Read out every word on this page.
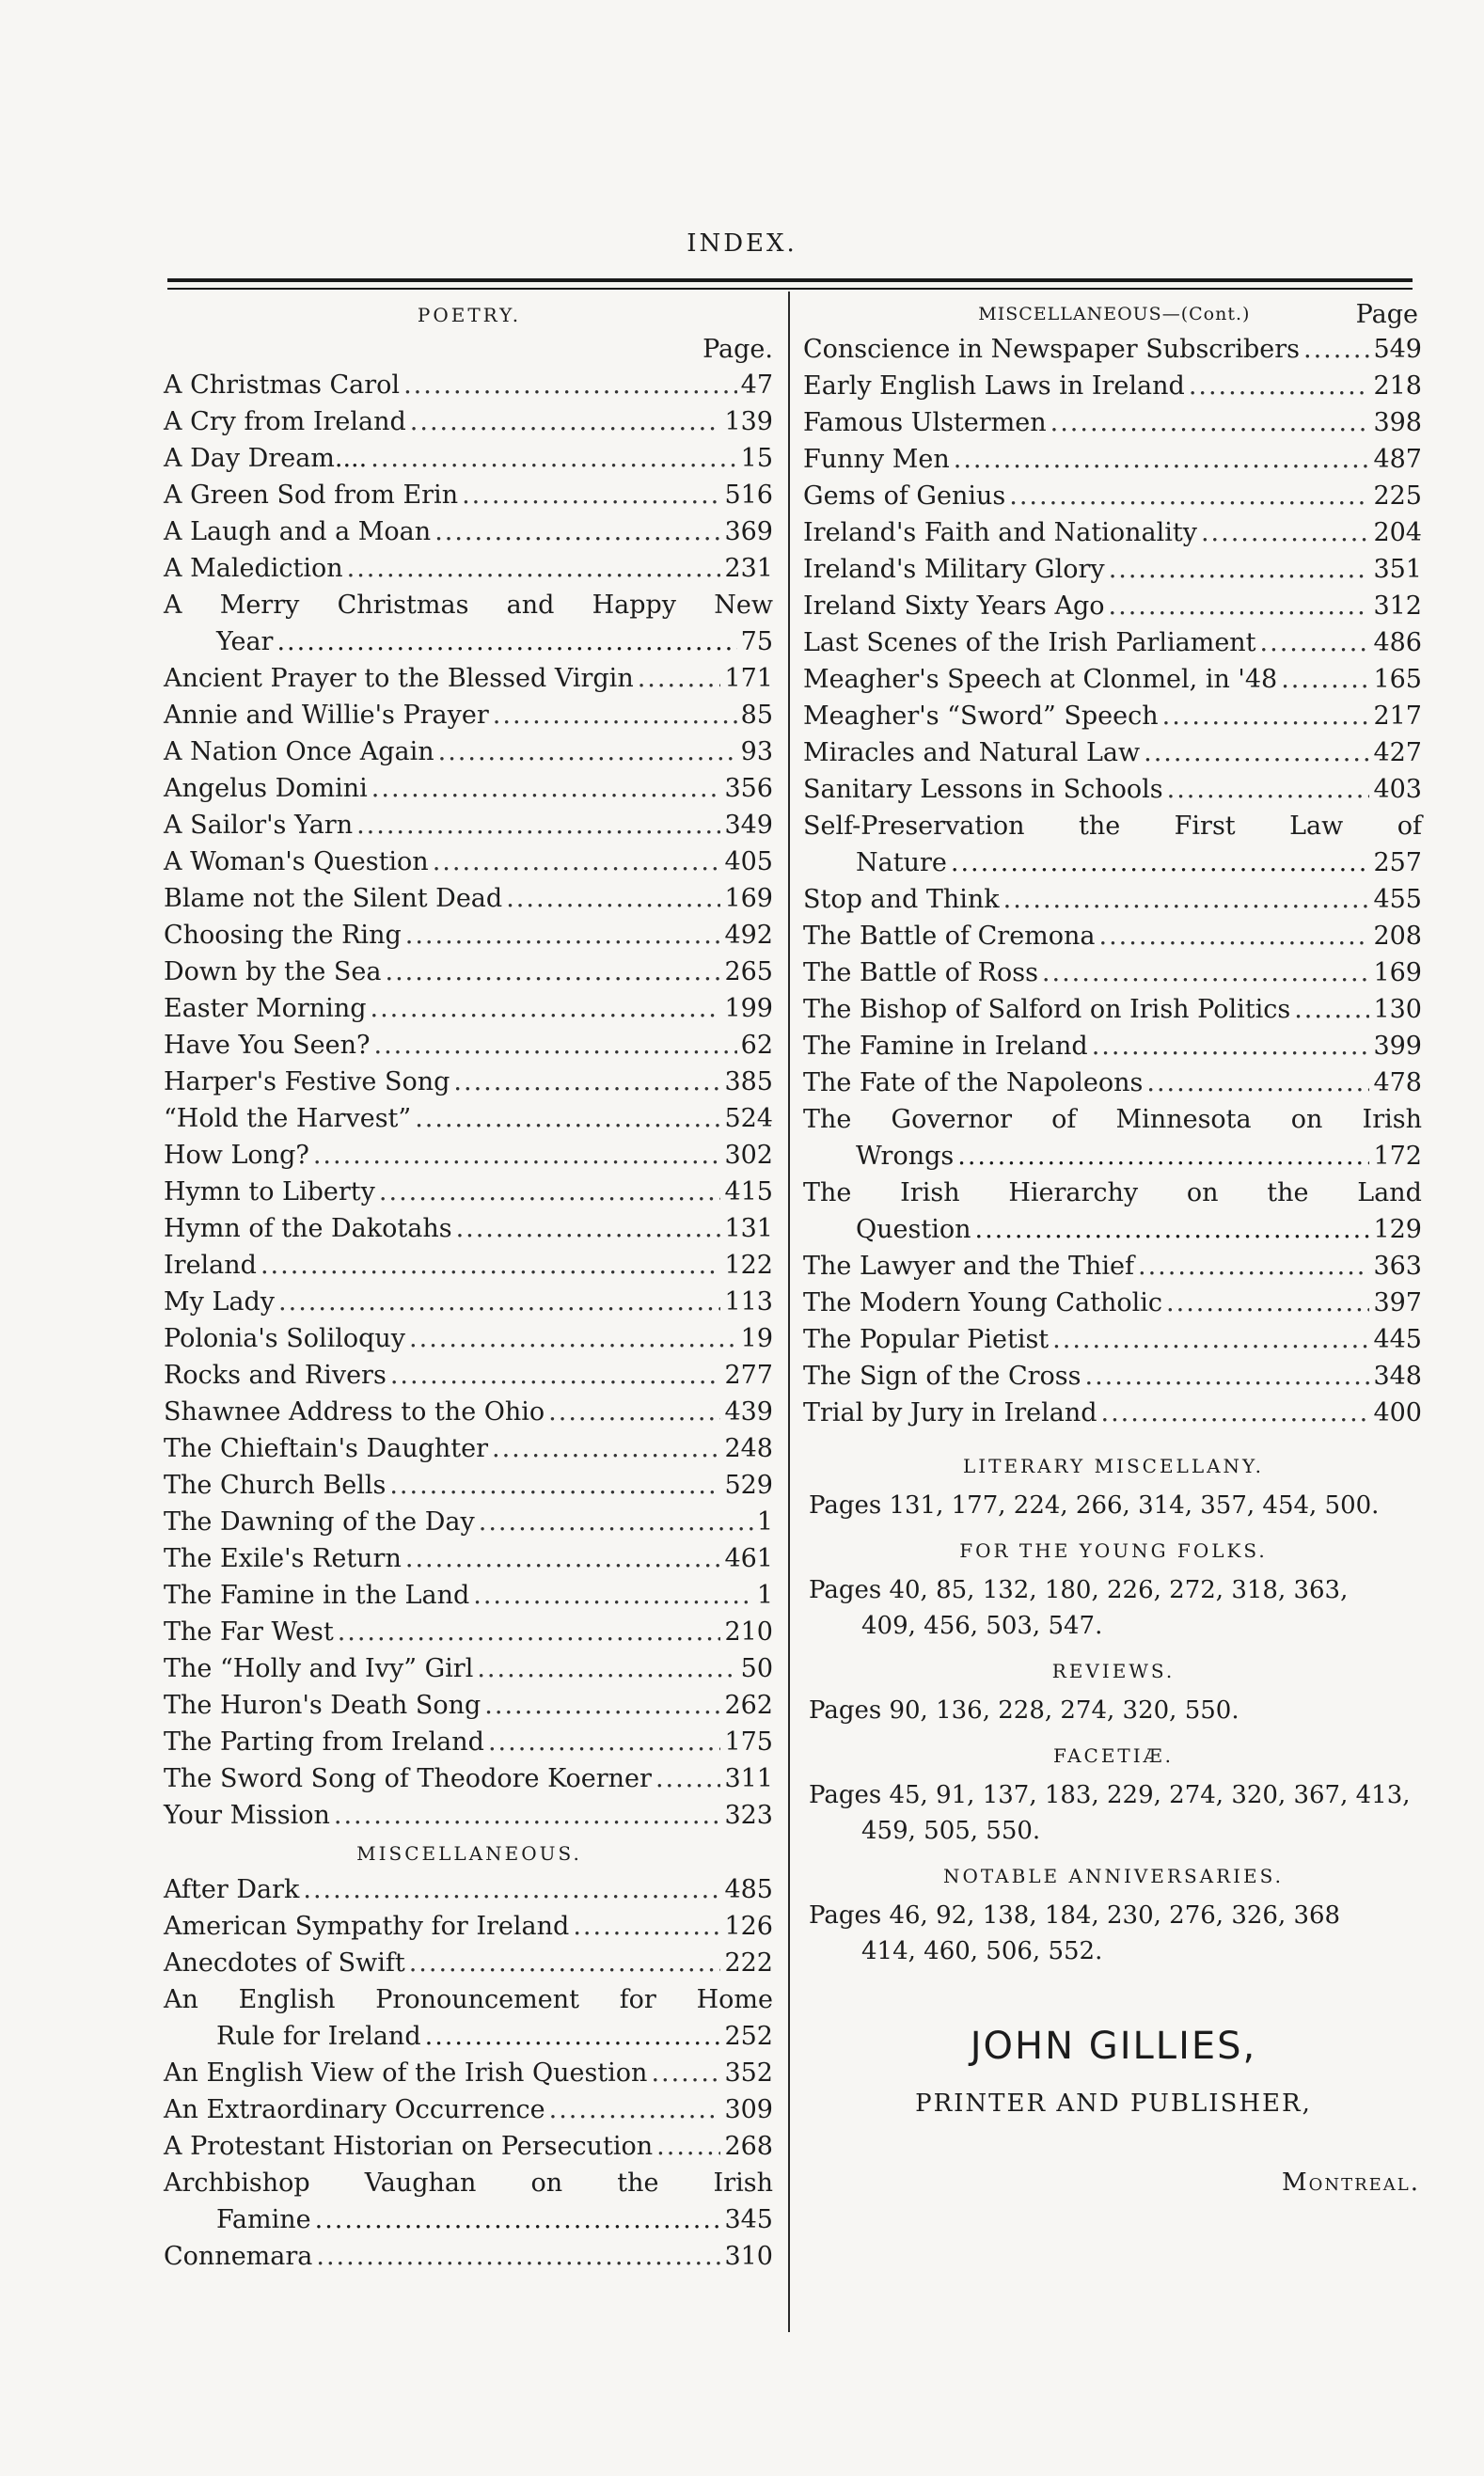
INDEX.
POETRY.
Page.
A Christmas Carol .....	47
A Cry from Ireland .....	139
A Day Dream.... .....	15
A Green Sod from Erin .....	516
A Laugh and a Moan .....	369
A Malediction .....	231
A Merry Christmas and Happy New
Year .....	75
Ancient Prayer to the Blessed Virgin .....	171
Annie and Willie's Prayer .....	85
A Nation Once Again .....	93
Angelus Domini .....	356
A Sailor's Yarn .....	349
A Woman's Question .....	405
Blame not the Silent Dead .....	169
Choosing the Ring .....	492
Down by the Sea .....	265
Easter Morning .....	199
Have You Seen? .....	62
Harper's Festive Song .....	385
“Hold the Harvest” .....	524
How Long? .....	302
Hymn to Liberty .....	415
Hymn of the Dakotahs .....	131
Ireland .....	122
My Lady .....	113
Polonia's Soliloquy .....	19
Rocks and Rivers .....	277
Shawnee Address to the Ohio .....	439
The Chieftain's Daughter .....	248
The Church Bells .....	529
The Dawning of the Day .....	1
The Exile's Return .....	461
The Famine in the Land .....	1
The Far West .....	210
The “Holly and Ivy” Girl .....	50
The Huron's Death Song .....	262
The Parting from Ireland .....	175
The Sword Song of Theodore Koerner .....	311
Your Mission .....	323
MISCELLANEOUS.
After Dark .....	485
American Sympathy for Ireland .....	126
Anecdotes of Swift .....	222
An English Pronouncement for Home
Rule for Ireland .....	252
An English View of the Irish Question .....	352
An Extraordinary Occurrence .....	309
A Protestant Historian on Persecution .....	268
Archbishop Vaughan on the Irish
Famine .....	345
Connemara .....	310
MISCELLANEOUS—(Cont.)	Page
Conscience in Newspaper Subscribers .....	549
Early English Laws in Ireland .....	218
Famous Ulstermen .....	398
Funny Men .....	487
Gems of Genius .....	225
Ireland's Faith and Nationality .....	204
Ireland's Military Glory .....	351
Ireland Sixty Years Ago .....	312
Last Scenes of the Irish Parliament .....	486
Meagher's Speech at Clonmel, in '48 .....	165
Meagher's “Sword” Speech .....	217
Miracles and Natural Law .....	427
Sanitary Lessons in Schools .....	403
Self-Preservation the First Law of
Nature .....	257
Stop and Think .....	455
The Battle of Cremona .....	208
The Battle of Ross .....	169
The Bishop of Salford on Irish Politics .....	130
The Famine in Ireland .....	399
The Fate of the Napoleons .....	478
The Governor of Minnesota on Irish
Wrongs .....	172
The Irish Hierarchy on the Land
Question .....	129
The Lawyer and the Thief .....	363
The Modern Young Catholic .....	397
The Popular Pietist .....	445
The Sign of the Cross .....	348
Trial by Jury in Ireland .....	400
LITERARY MISCELLANY.
Pages 131, 177, 224, 266, 314, 357, 454, 500.
FOR THE YOUNG FOLKS.
Pages 40, 85, 132, 180, 226, 272, 318, 363,
409, 456, 503, 547.
REVIEWS.
Pages 90, 136, 228, 274, 320, 550.
FACETIÆ.
Pages 45, 91, 137, 183, 229, 274, 320, 367, 413,
459, 505, 550.
NOTABLE ANNIVERSARIES.
Pages 46, 92, 138, 184, 230, 276, 326, 368
414, 460, 506, 552.
JOHN GILLIES,
PRINTER AND PUBLISHER,
Montreal.
